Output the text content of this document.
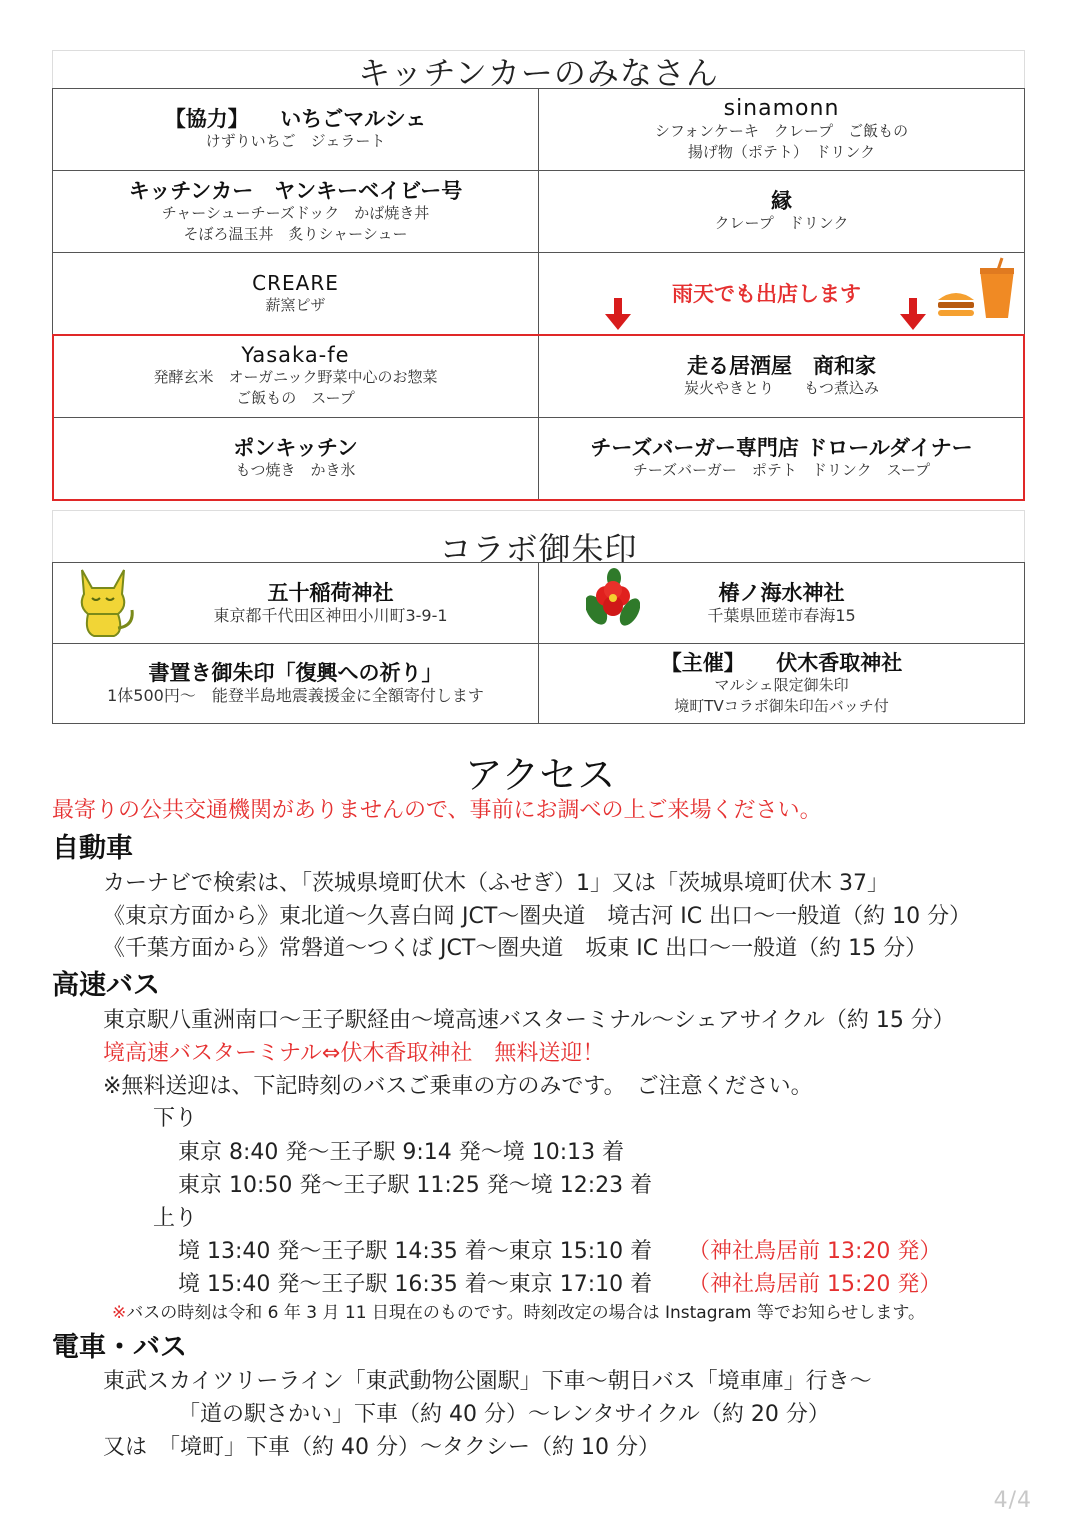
キッチンカーのみなさん
【協力】　　いちごマルシェ
けずりいちご　ジェラート
sinamonn
シフォンケーキ　クレープ　ご飯もの
揚げ物（ポテト）　ドリンク
キッチンカー　ヤンキーベイビー号
チャーシューチーズドック　かば焼き丼
そぼろ温玉丼　炙りシャーシュー
縁
クレープ　ドリンク
CREARE
薪窯ピザ	雨天でも出店します
Yasaka-fe
発酵玄米　オーガニック野菜中心のお惣菜
ご飯もの　スープ
走る居酒屋　商和家
炭火やきとり　　もつ煮込み
ポンキッチン
もつ焼き　かき氷
チーズバーガー専門店 ドロールダイナー
チーズバーガー　ポテト　ドリンク　スープ
コラボ御朱印
五十稲荷神社
東京都千代田区神田小川町3-9-1
椿ノ海水神社
千葉県匝瑳市春海15
書置き御朱印「復興への祈り」
1体500円～　能登半島地震義援金に全額寄付します
【主催】　　伏木香取神社
マルシェ限定御朱印
境町TVコラボ御朱印缶バッチ付
アクセス
最寄りの公共交通機関がありませんので、事前にお調べの上ご来場ください。
自動車
カーナビで検索は、「茨城県境町伏木（ふせぎ）1」又は「茨城県境町伏木 37」
《東京方面から》東北道～久喜白岡 JCT～圏央道　境古河 IC 出口～一般道（約 10 分）
《千葉方面から》常磐道～つくば JCT～圏央道　坂東 IC 出口～一般道（約 15 分）
高速バス
東京駅八重洲南口～王子駅経由～境高速バスターミナル～シェアサイクル（約 15 分）
境高速バスターミナル⇔伏木香取神社　無料送迎！
※無料送迎は、下記時刻のバスご乗車の方のみです。　ご注意ください。
下り
東京 8:40 発～王子駅 9:14 発～境 10:13 着
東京 10:50 発～王子駅 11:25 発～境 12:23 着
上り
境 13:40 発～王子駅 14:35 着～東京 15:10 着 （神社鳥居前 13:20 発）
境 15:40 発～王子駅 16:35 着～東京 17:10 着 （神社鳥居前 15:20 発）
※バスの時刻は令和 6 年 3 月 11 日現在のものです。時刻改定の場合は Instagram 等でお知らせします。
電車・バス
東武スカイツリーライン「東武動物公園駅」下車～朝日バス「境車庫」行き～
「道の駅さかい」下車（約 40 分）～レンタサイクル（約 20 分）
又は　「境町」下車（約 40 分）～タクシー（約 10 分）
4/4
